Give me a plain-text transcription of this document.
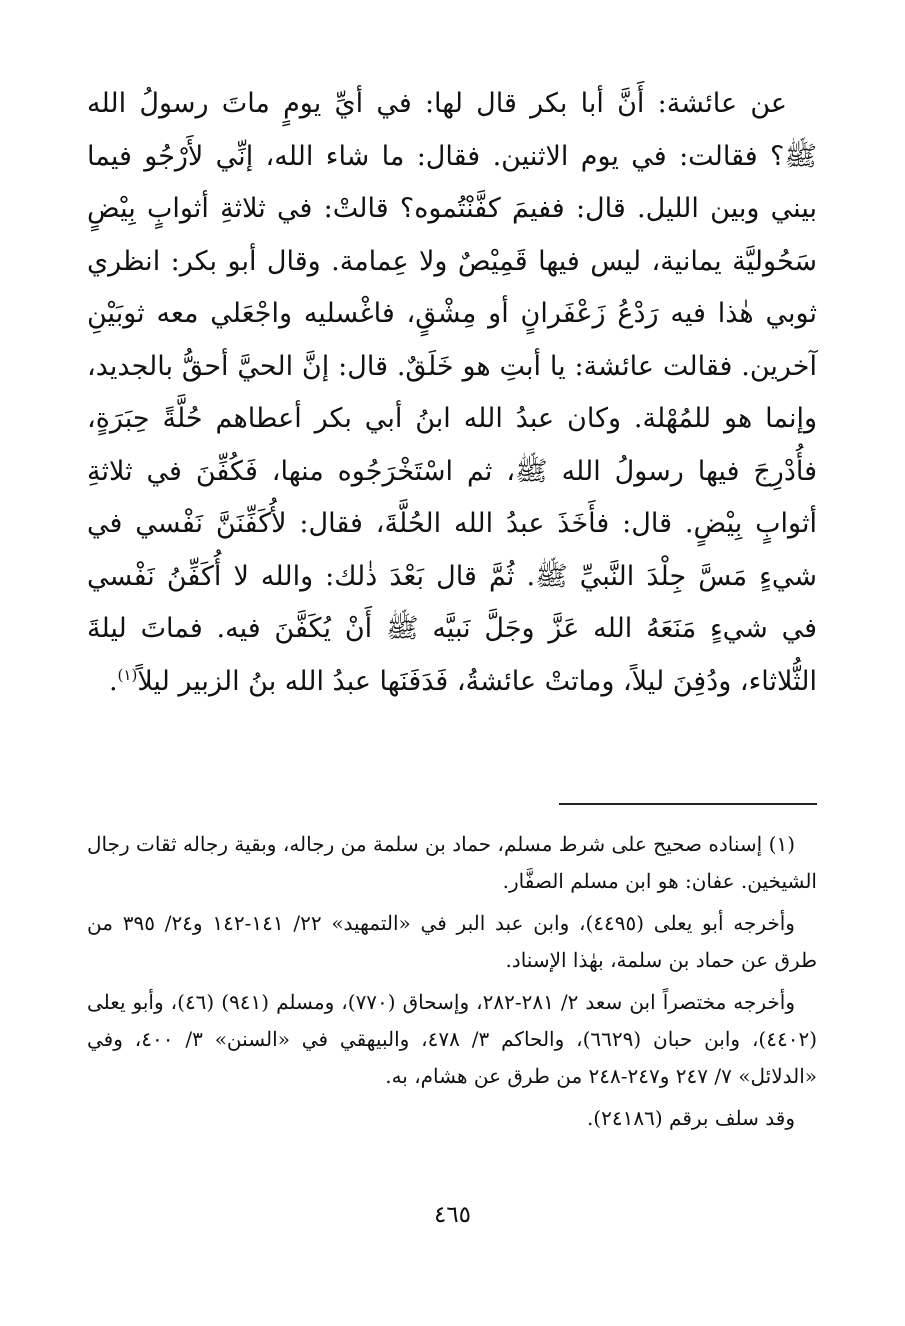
عن عائشة: أَنَّ أبا بكر قال لها: في أيِّ يومٍ ماتَ رسولُ الله ﷺ؟ فقالت: في يوم الاثنين. فقال: ما شاء الله، إنِّي لأَرْجُو فيما بيني وبين الليل. قال: ففيمَ كفَّنْتُموه؟ قالتْ: في ثلاثةِ أثوابٍ بِيْضٍ سَحُوليَّة يمانية، ليس فيها قَمِيْصٌ ولا عِمامة. وقال أبو بكر: انظري ثوبي هٰذا فيه رَدْعُ زَعْفَرانٍ أو مِشْقٍ، فاغْسليه واجْعَلي معه ثوبَيْنِ آخرين. فقالت عائشة: يا أبتِ هو خَلَقٌ. قال: إنَّ الحيَّ أحقُّ بالجديد، وإنما هو للمُهْلة. وكان عبدُ الله ابنُ أبي بكر أعطاهم حُلَّةً حِبَرَةٍ، فأُدْرِجَ فيها رسولُ الله ﷺ، ثم اسْتَخْرَجُوه منها، فَكُفِّنَ في ثلاثةِ أثوابٍ بِيْضٍ. قال: فأَخَذَ عبدُ الله الحُلَّةَ، فقال: لأُكَفِّنَنَّ نَفْسي في شيءٍ مَسَّ جِلْدَ النَّبيِّ ﷺ. ثُمَّ قال بَعْدَ ذٰلك: والله لا أُكَفِّنُ نَفْسي في شيءٍ مَنَعَهُ الله عَزَّ وجَلَّ نَبيَّه ﷺ أَنْ يُكَفَّنَ فيه. فماتَ ليلةَ الثُّلاثاء، ودُفِنَ ليلاً، وماتتْ عائشةُ، فَدَفَنَها عبدُ الله بنُ الزبير ليلاً$^{(١)}$.

(١) إسناده صحيح على شرط مسلم، حماد بن سلمة من رجاله، وبقية رجاله ثقات رجال الشيخين. عفان: هو ابن مسلم الصفَّار.

وأخرجه أبو يعلى (٤٤٩٥)، وابن عبد البر في «التمهيد» ٢٢/ ١٤١-١٤٢ و٢٤/ ٣٩٥ من طرق عن حماد بن سلمة، بهٰذا الإسناد.

وأخرجه مختصراً ابن سعد ٢/ ٢٨١-٢٨٢، وإسحاق (٧٧٠)، ومسلم (٩٤١) (٤٦)، وأبو يعلى (٤٤٠٢)، وابن حبان (٦٦٢٩)، والحاكم ٣/ ٤٧٨، والبيهقي في «السنن» ٣/ ٤٠٠، وفي «الدلائل» ٧/ ٢٤٧ و٢٤٧-٢٤٨ من طرق عن هشام، به.

وقد سلف برقم (٢٤١٨٦).

٤٦٥
